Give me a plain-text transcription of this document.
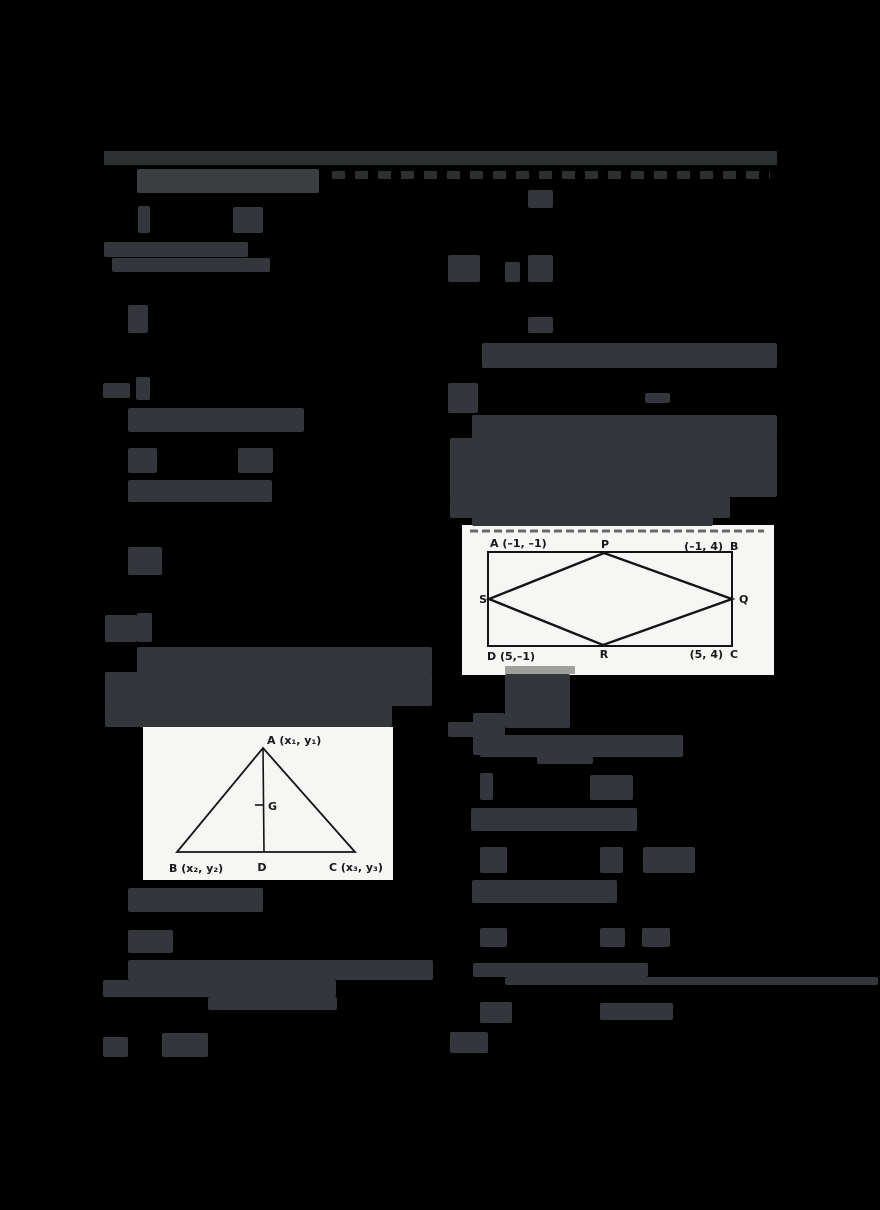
A (–1, –1)	P	(–1, 4) B
S	Q
D (5,–1)	R	(5, 4) C
A (x₁, y₁)
G
D
B (x₂, y₂)	C (x₃, y₃)
